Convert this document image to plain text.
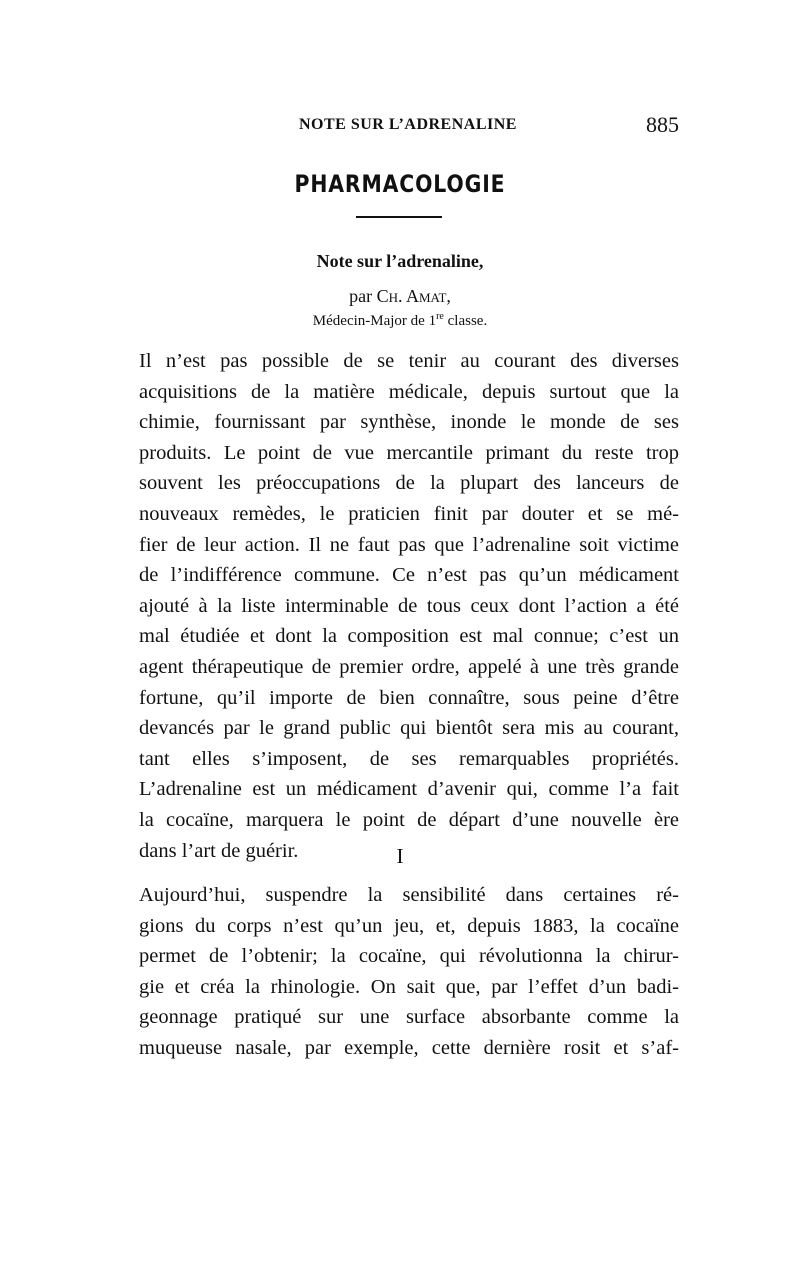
NOTE SUR L’ADRENALINE	885
PHARMACOLOGIE
Note sur l’adrenaline,
par Ch. Amat,
Médecin-Major de 1re classe.
Il n’est pas possible de se tenir au courant des diverses
acquisitions de la matière médicale, depuis surtout que la
chimie, fournissant par synthèse, inonde le monde de ses
produits. Le point de vue mercantile primant du reste trop
souvent les préoccupations de la plupart des lanceurs de
nouveaux remèdes, le praticien finit par douter et se mé-
fier de leur action. Il ne faut pas que l’adrenaline soit victime
de l’indifférence commune. Ce n’est pas qu’un médicament
ajouté à la liste interminable de tous ceux dont l’action a été
mal étudiée et dont la composition est mal connue; c’est un
agent thérapeutique de premier ordre, appelé à une très grande
fortune, qu’il importe de bien connaître, sous peine d’être
devancés par le grand public qui bientôt sera mis au courant,
tant elles s’imposent, de ses remarquables propriétés.
L’adrenaline est un médicament d’avenir qui, comme l’a fait
la cocaïne, marquera le point de départ d’une nouvelle ère
dans l’art de guérir.	I
Aujourd’hui, suspendre la sensibilité dans certaines ré-
gions du corps n’est qu’un jeu, et, depuis 1883, la cocaïne
permet de l’obtenir; la cocaïne, qui révolutionna la chirur-
gie et créa la rhinologie. On sait que, par l’effet d’un badi-
geonnage pratiqué sur une surface absorbante comme la
muqueuse nasale, par exemple, cette dernière rosit et s’af-
